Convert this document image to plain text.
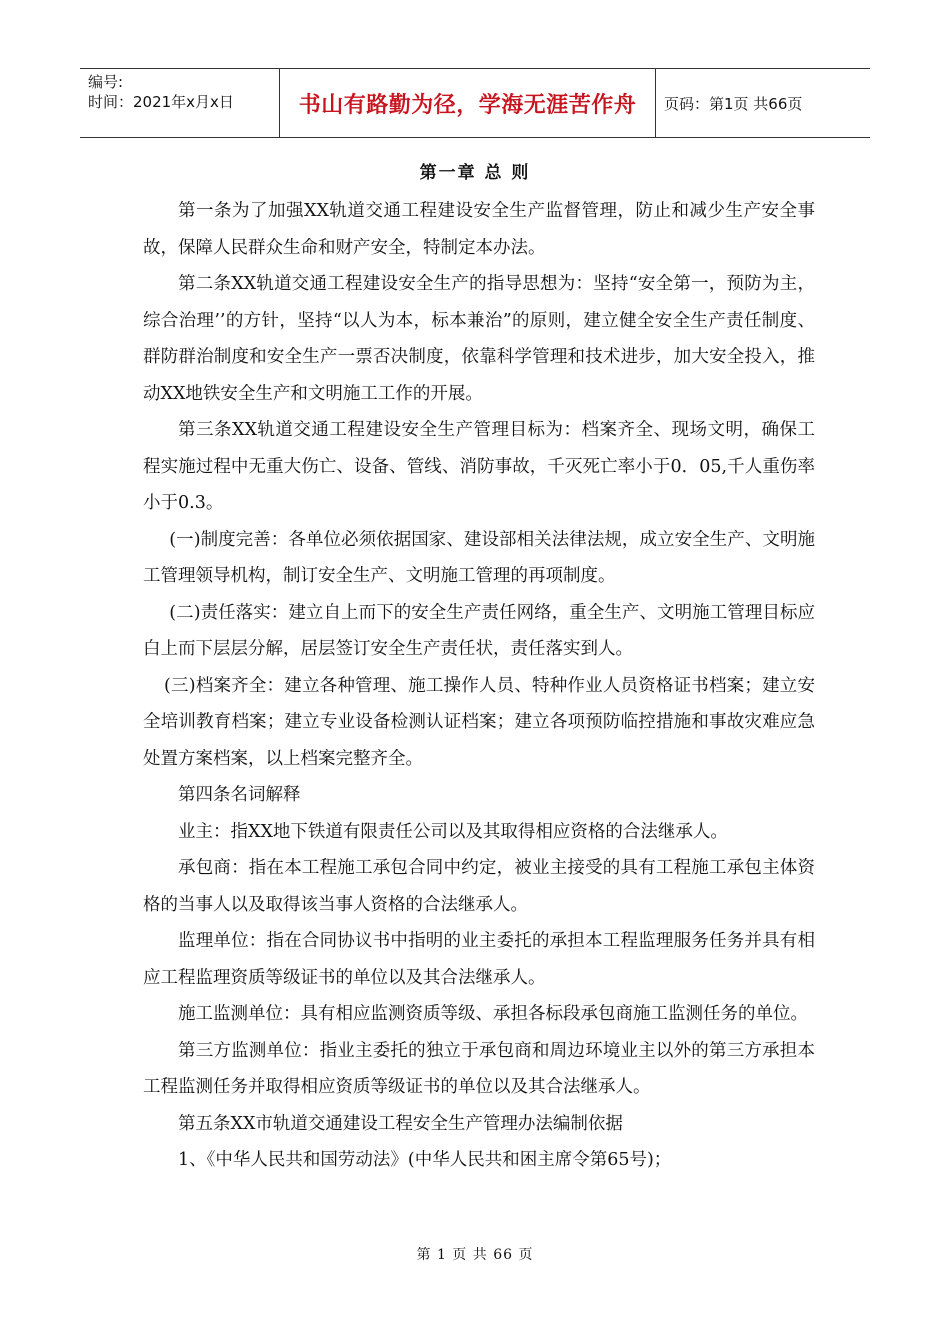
编号:
时间：2021年x月x日	书山有路勤为径，学海无涯苦作舟	页码：第1页 共66页
第一章 总 则

第一条为了加强XX轨道交通工程建设安全生产监督管理，防止和减少生产安全事故，保障人民群众生命和财产安全，特制定本办法。

第二条XX轨道交通工程建设安全生产的指导思想为：坚持“安全第一，预防为主，综合治理’’的方针，坚持“以人为本，标本兼治”的原则，建立健全安全生产责任制度、群防群治制度和安全生产一票否决制度，依靠科学管理和技术进步，加大安全投入，推动XX地铁安全生产和文明施工工作的开展。

第三条XX轨道交通工程建设安全生产管理目标为：档案齐全、现场文明，确保工程实施过程中无重大伤亡、设备、管线、消防事故，千灭死亡率小于0．05,千人重伤率小于0.3。

(一)制度完善：各单位必须依据国家、建设部相关法律法规，成立安全生产、文明施工管理领导机构，制订安全生产、文明施工管理的再项制度。

(二)责任落实：建立自上而下的安全生产责任网络，重全生产、文明施工管理目标应白上而下层层分解，居层签订安全生产责任状，责任落实到人。

(三)档案齐全：建立各种管理、施工操作人员、特种作业人员资格证书档案；建立安全培训教育档案；建立专业设备检测认证档案；建立各项预防临控措施和事故灾难应急处置方案档案，以上档案完整齐全。

第四条名词解释

业主：指XX地下铁道有限责任公司以及其取得相应资格的合法继承人。

承包商：指在本工程施工承包合同中约定，被业主接受的具有工程施工承包主体资格的当事人以及取得该当事人资格的合法继承人。

监理单位：指在合同协议书中指明的业主委托的承担本工程监理服务任务并具有相应工程监理资质等级证书的单位以及其合法继承人。

施工监测单位：具有相应监测资质等级、承担各标段承包商施工监测任务的单位。

第三方监测单位：指业主委托的独立于承包商和周边环境业主以外的第三方承担本工程监测任务并取得相应资质等级证书的单位以及其合法继承人。

第五条XX市轨道交通建设工程安全生产管理办法编制依据

1、《中华人民共和国劳动法》(中华人民共和困主席令第65号)；

第 1 页 共 66 页
